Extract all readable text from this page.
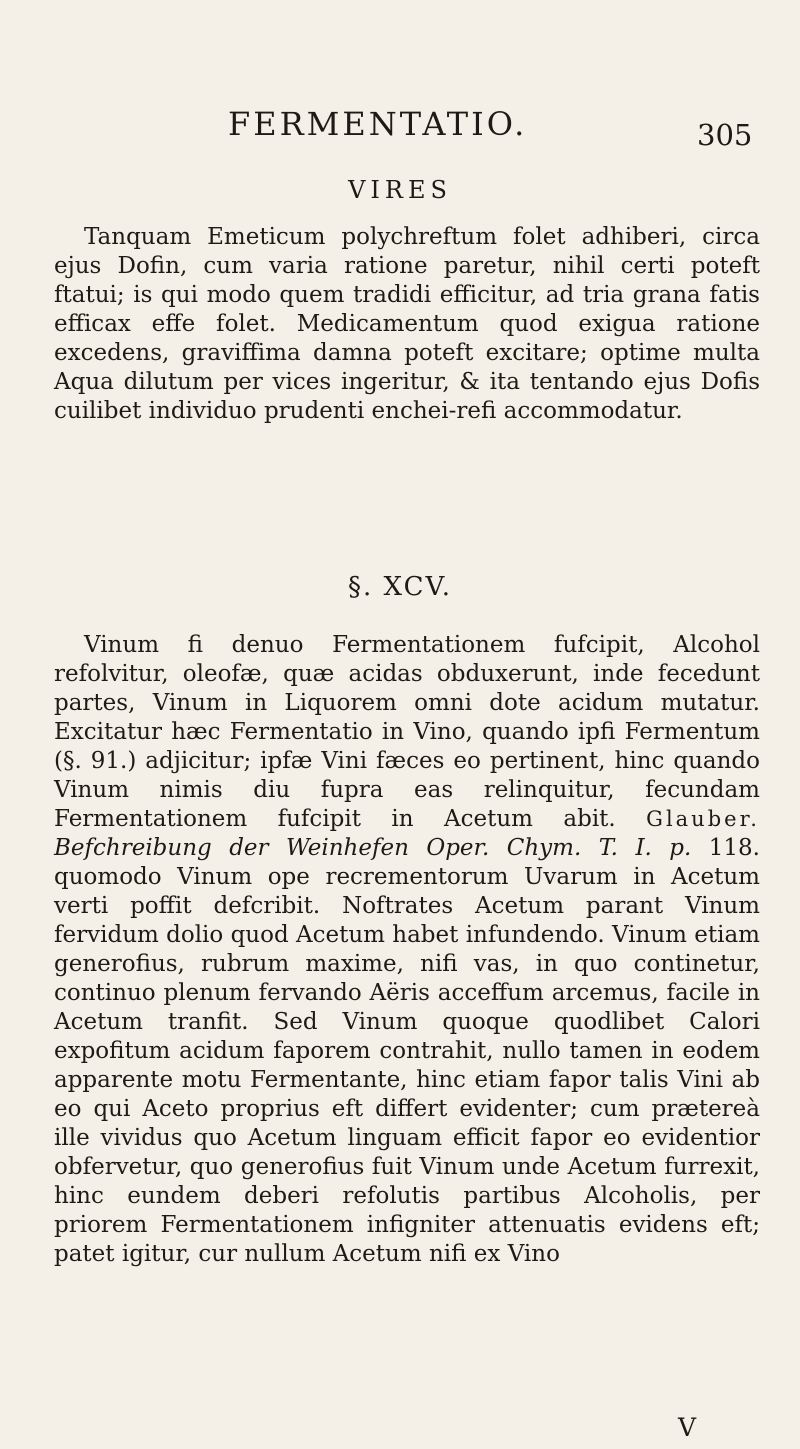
FERMENTATIO.	305
VIRES

Tanquam Emeticum polychreftum folet adhiberi, circa ejus Dofin, cum varia ratione paretur, nihil certi poteft ftatui; is qui modo quem tradidi efficitur, ad tria grana fatis efficax effe folet. Medicamentum quod exigua ratione excedens, graviffima damna poteft excitare; optime multa Aqua dilutum per vices ingeritur, & ita tentando ejus Dofis cuilibet individuo prudenti enchei-refi accommodatur.

§. XCV.

Vinum fi denuo Fermentationem fufcipit, Alcohol refolvitur, oleofæ, quæ acidas obduxerunt, inde fecedunt partes, Vinum in Liquorem omni dote acidum mutatur. Excitatur hæc Fermentatio in Vino, quando ipfi Fermentum (§. 91.) adjicitur; ipfæ Vini fæces eo pertinent, hinc quando Vinum nimis diu fupra eas relinquitur, fecundam Fermentationem fufcipit in Acetum abit. Glauber. Befchreibung der Weinhefen Oper. Chym. T. I. p. 118. quomodo Vinum ope recrementorum Uvarum in Acetum verti poffit defcribit. Noftrates Acetum parant Vinum fervidum dolio quod Acetum habet infundendo. Vinum etiam generofius, rubrum maxime, nifi vas, in quo continetur, continuo plenum fervando Aëris acceffum arcemus, facile in Acetum tranfit. Sed Vinum quoque quodlibet Calori expofitum acidum faporem contrahit, nullo tamen in eodem apparente motu Fermentante, hinc etiam fapor talis Vini ab eo qui Aceto proprius eft differt evidenter; cum prætereà ille vividus quo Acetum linguam efficit fapor eo evidentior obfervetur, quo generofius fuit Vinum unde Acetum furrexit, hinc eundem deberi refolutis partibus Alcoholis, per priorem Fermentationem infigniter attenuatis evidens eft; patet igitur, cur nullum Acetum nifi ex Vino

V
